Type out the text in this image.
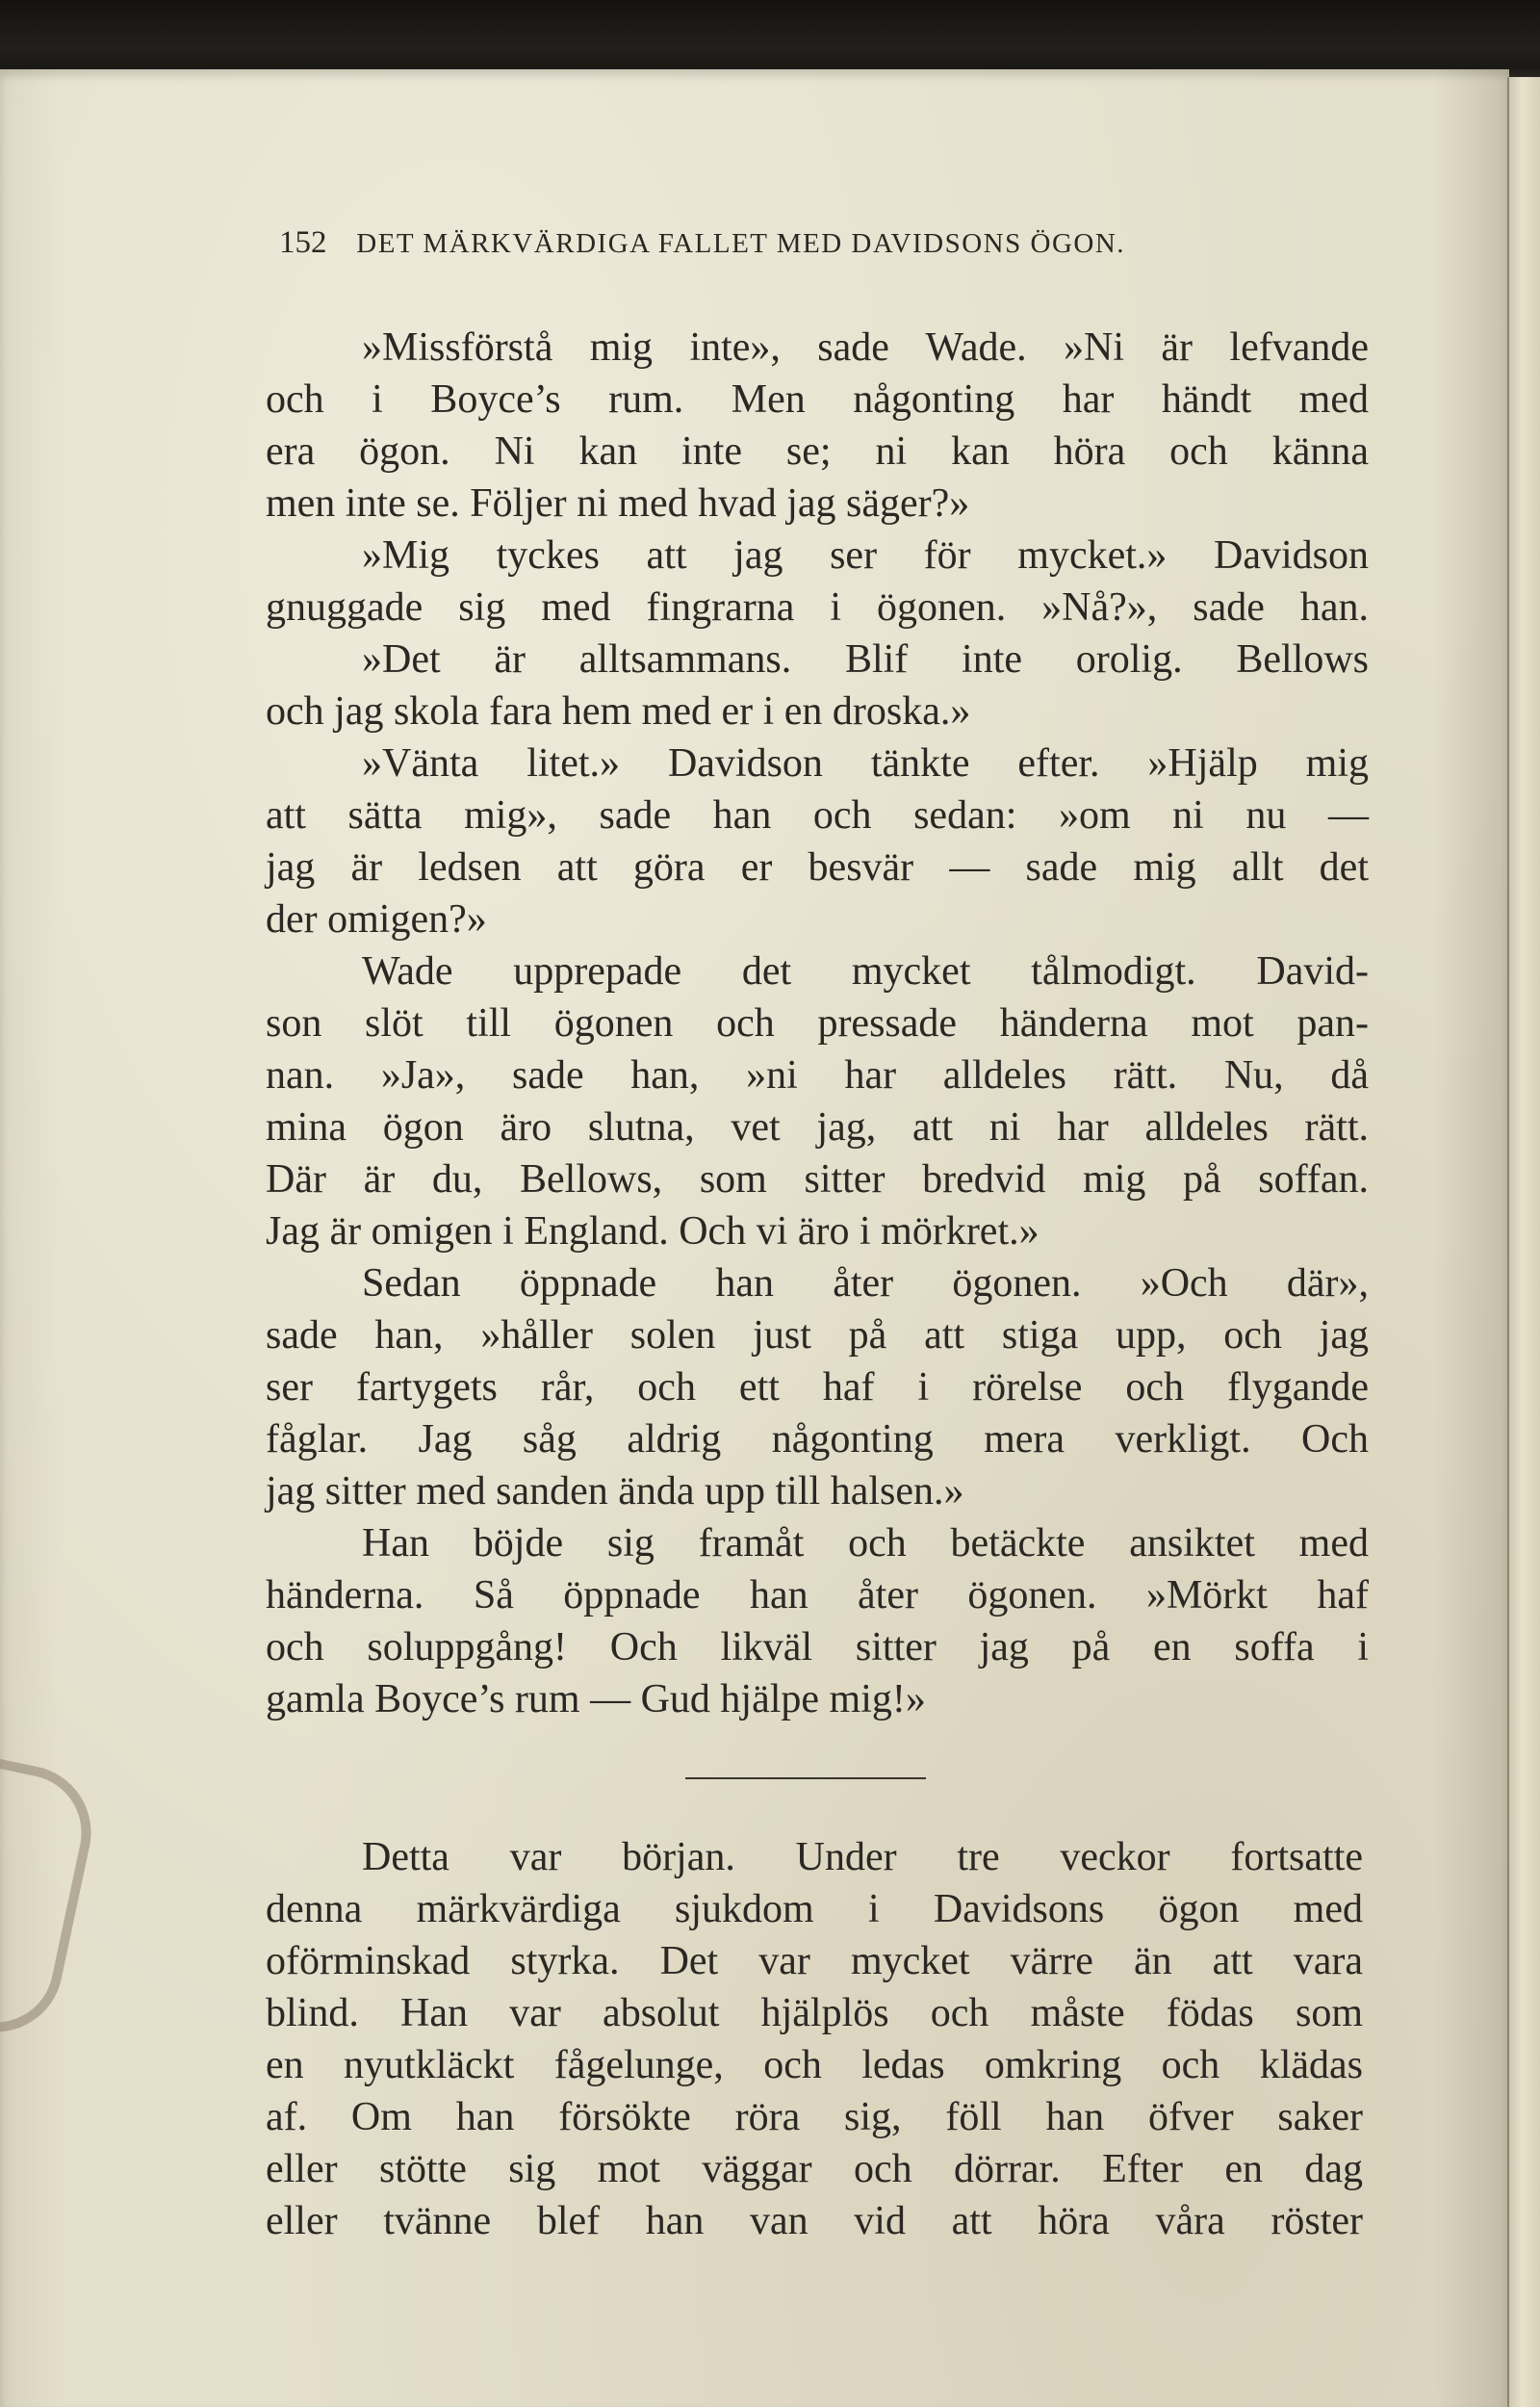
152 DET MÄRKVÄRDIGA FALLET MED DAVIDSONS ÖGON.
»Missförstå mig inte», sade Wade. »Ni är lefvande
och i Boyce’s rum. Men någonting har händt med
era ögon. Ni kan inte se; ni kan höra och känna
men inte se. Följer ni med hvad jag säger?»
»Mig tyckes att jag ser för mycket.» Davidson
gnuggade sig med fingrarna i ögonen. »Nå?», sade han.
»Det är alltsammans. Blif inte orolig. Bellows
och jag skola fara hem med er i en droska.»
»Vänta litet.» Davidson tänkte efter. »Hjälp mig
att sätta mig», sade han och sedan: »om ni nu —
jag är ledsen att göra er besvär — sade mig allt det
der omigen?»
Wade upprepade det mycket tålmodigt. David-
son slöt till ögonen och pressade händerna mot pan-
nan. »Ja», sade han, »ni har alldeles rätt. Nu, då
mina ögon äro slutna, vet jag, att ni har alldeles rätt.
Där är du, Bellows, som sitter bredvid mig på soffan.
Jag är omigen i England. Och vi äro i mörkret.»
Sedan öppnade han åter ögonen. »Och där»,
sade han, »håller solen just på att stiga upp, och jag
ser fartygets rår, och ett haf i rörelse och flygande
fåglar. Jag såg aldrig någonting mera verkligt. Och
jag sitter med sanden ända upp till halsen.»
Han böjde sig framåt och betäckte ansiktet med
händerna. Så öppnade han åter ögonen. »Mörkt haf
och soluppgång! Och likväl sitter jag på en soffa i
gamla Boyce’s rum — Gud hjälpe mig!»
Detta var början. Under tre veckor fortsatte
denna märkvärdiga sjukdom i Davidsons ögon med
oförminskad styrka. Det var mycket värre än att vara
blind. Han var absolut hjälplös och måste födas som
en nyutkläckt fågelunge, och ledas omkring och klädas
af. Om han försökte röra sig, föll han öfver saker
eller stötte sig mot väggar och dörrar. Efter en dag
eller tvänne blef han van vid att höra våra röster
